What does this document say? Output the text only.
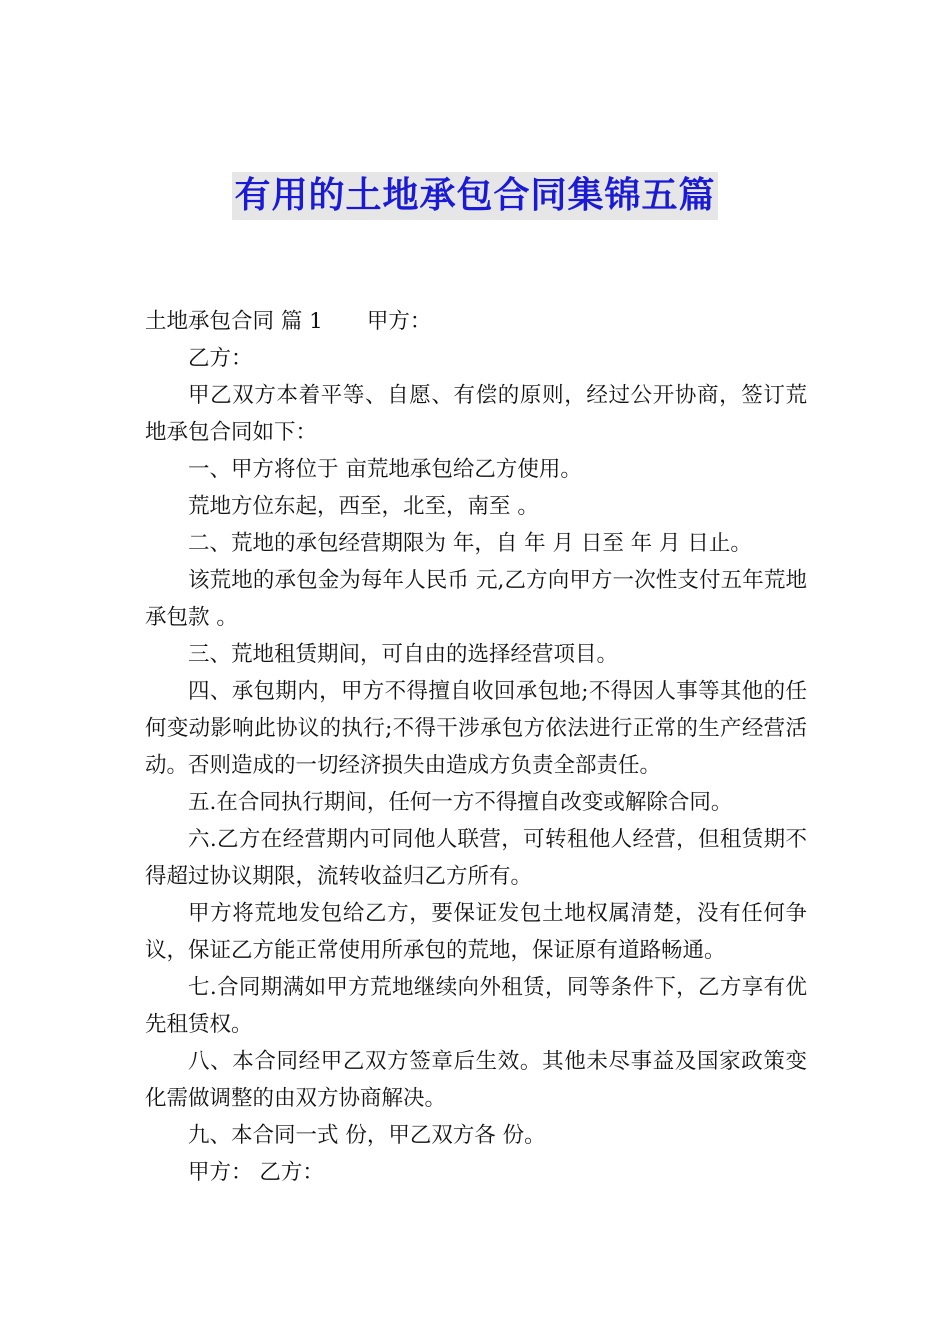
有用的土地承包合同集锦五篇

土地承包合同 篇 1 甲方：

乙方：

甲乙双方本着平等、自愿、有偿的原则，经过公开协商，签订荒地承包合同如下：

一、甲方将位于 亩荒地承包给乙方使用。

荒地方位东起，西至，北至，南至 。

二、荒地的承包经营期限为 年，自 年 月 日至 年 月 日止。

该荒地的承包金为每年人民币 元,乙方向甲方一次性支付五年荒地承包款 。

三、荒地租赁期间，可自由的选择经营项目。

四、承包期内，甲方不得擅自收回承包地;不得因人事等其他的任何变动影响此协议的执行;不得干涉承包方依法进行正常的生产经营活动。否则造成的一切经济损失由造成方负责全部责任。

五.在合同执行期间，任何一方不得擅自改变或解除合同。

六.乙方在经营期内可同他人联营，可转租他人经营，但租赁期不得超过协议期限，流转收益归乙方所有。

甲方将荒地发包给乙方，要保证发包土地权属清楚，没有任何争议，保证乙方能正常使用所承包的荒地，保证原有道路畅通。

七.合同期满如甲方荒地继续向外租赁，同等条件下，乙方享有优先租赁权。

八、本合同经甲乙双方签章后生效。其他未尽事益及国家政策变化需做调整的由双方协商解决。

九、本合同一式 份，甲乙双方各 份。

甲方： 乙方：
